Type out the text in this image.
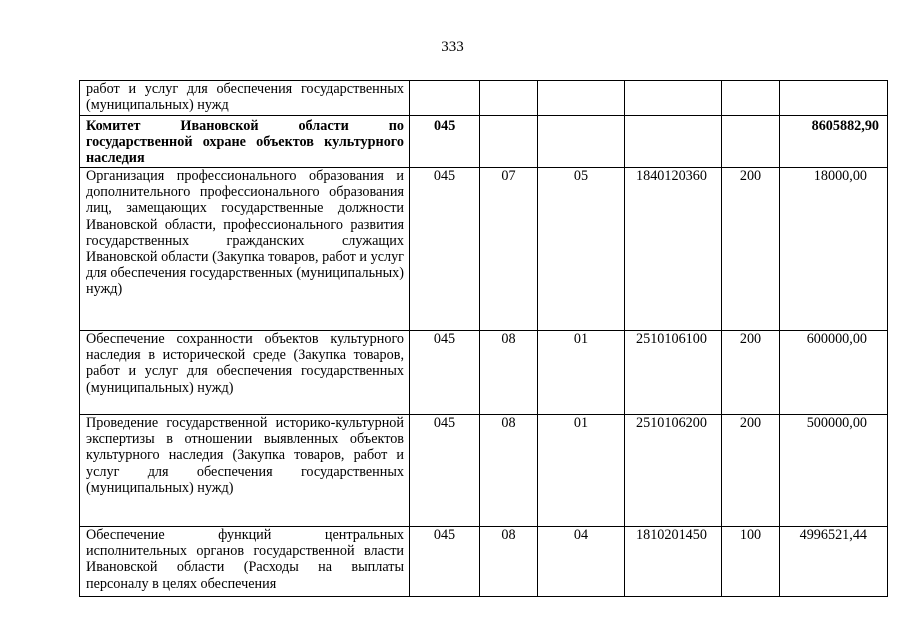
333
работ и услуг для обеспечения государственных (муниципальных) нужд						
Комитет Ивановской области по государственной охране объектов культурного наследия	045					8605882,90
Организация профессионального образования и дополнительного профессионального образования лиц, замещающих государственные должности Ивановской области, профессионального развития государственных гражданских служащих Ивановской области (Закупка товаров, работ и услуг для обеспечения государственных (муниципальных) нужд)	045	07	05	1840120360	200	18000,00
Обеспечение сохранности объектов культурного наследия в исторической среде (Закупка товаров, работ и услуг для обеспечения государственных (муниципальных) нужд)	045	08	01	2510106100	200	600000,00
Проведение государственной историко-культурной экспертизы в отношении выявленных объектов культурного наследия (Закупка товаров, работ и услуг для обеспечения государственных (муниципальных) нужд)	045	08	01	2510106200	200	500000,00
Обеспечение функций центральных исполнительных органов государственной власти Ивановской области (Расходы на выплаты персоналу в целях обеспечения	045	08	04	1810201450	100	4996521,44
